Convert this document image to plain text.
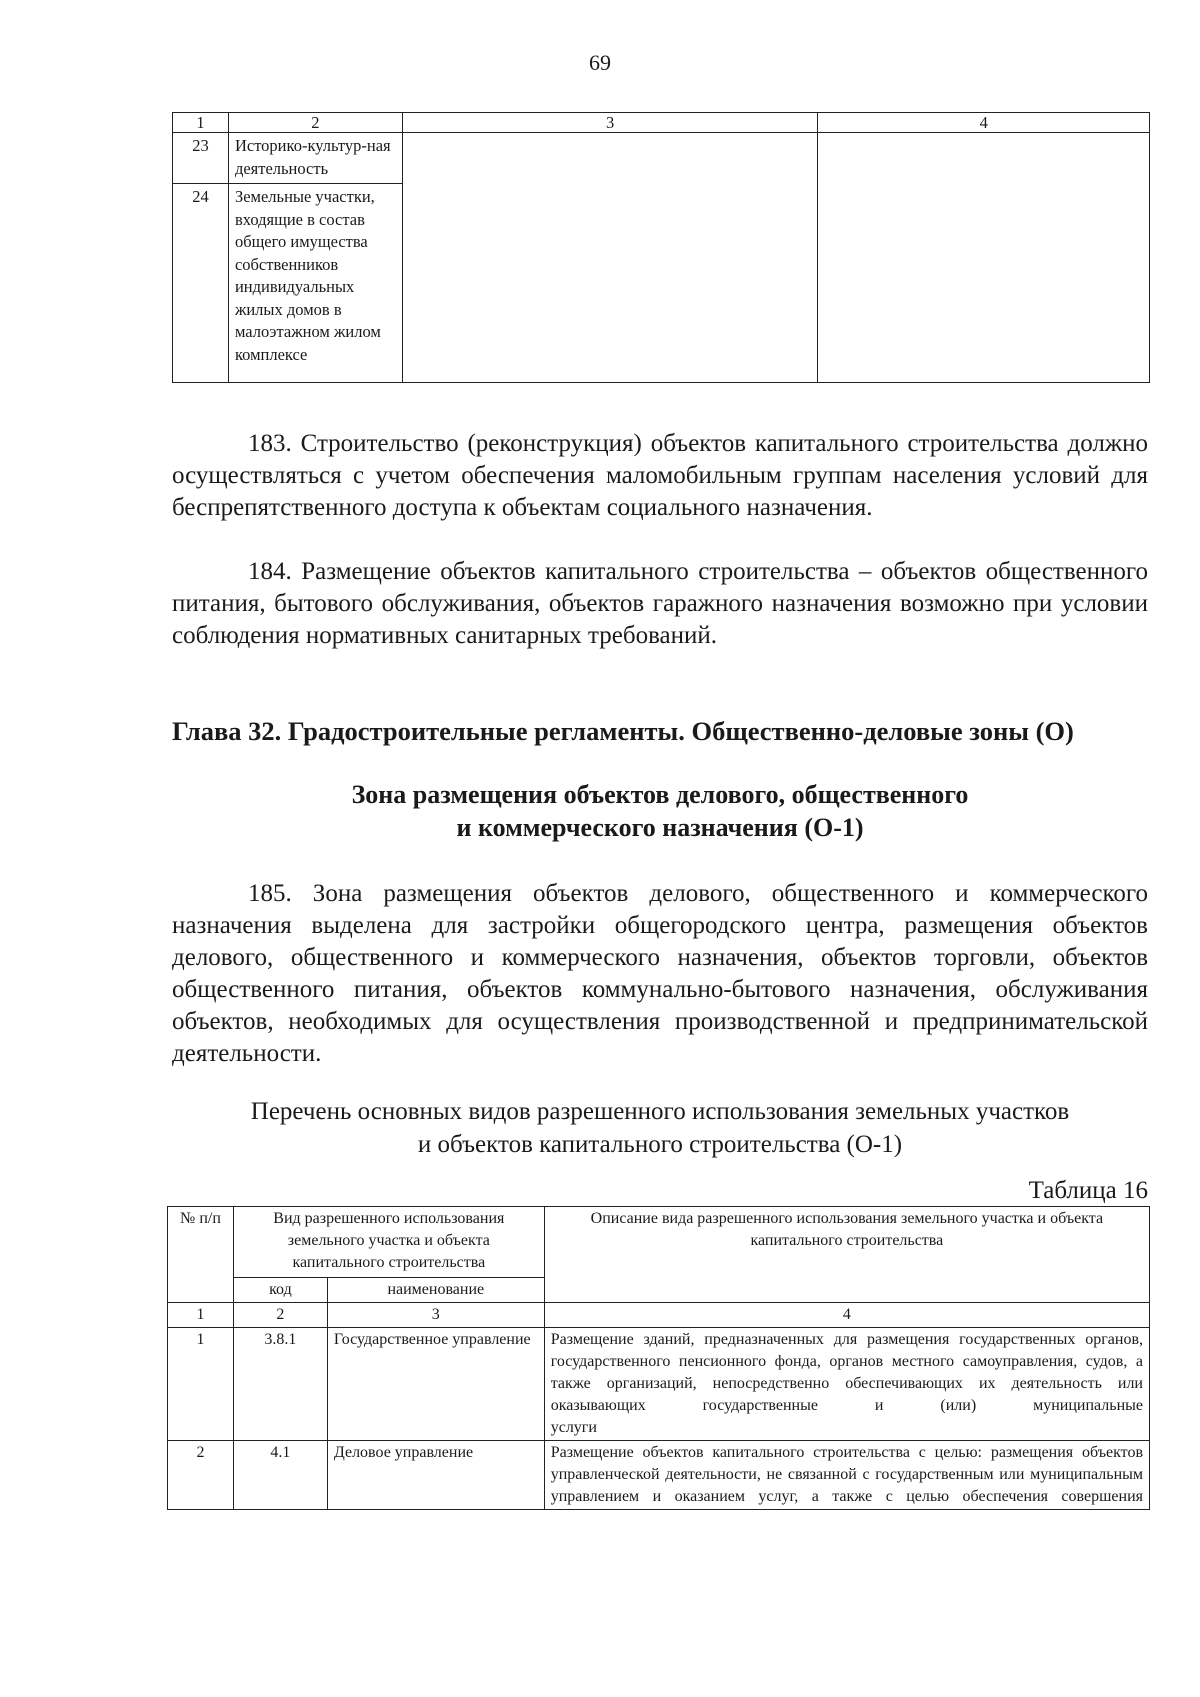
69
1	2	3	4
23	Историко-культур-ная деятельность		
24	Земельные участки, входящие в состав общего имущества собственников индивидуальных жилых домов в малоэтажном жилом комплексе		
183. Строительство (реконструкция) объектов капитального строительства должно осуществляться с учетом обеспечения маломобильным группам населения условий для беспрепятственного доступа к объектам социального назначения.
184. Размещение объектов капитального строительства – объектов общественного питания, бытового обслуживания, объектов гаражного назначения возможно при условии соблюдения нормативных санитарных требований.
Глава 32. Градостроительные регламенты. Общественно-деловые зоны (О)
Зона размещения объектов делового, общественного
и коммерческого назначения (О-1)
185. Зона размещения объектов делового, общественного и коммерческого назначения выделена для застройки общегородского центра, размещения объектов делового, общественного и коммерческого назначения, объектов торговли, объектов общественного питания, объектов коммунально-бытового назначения, обслуживания объектов, необходимых для осуществления производственной и предпринимательской деятельности.
Перечень основных видов разрешенного использования земельных участков
и объектов капитального строительства (О-1)
Таблица 16
№ п/п	Вид разрешенного использования земельного участка и объекта капитального строительства		Описание вида разрешенного использования земельного участка и объекта капитального строительства
	код	наименование	
1	2	3	4
1	3.8.1	Государственное управление	Размещение зданий, предназначенных для размещения государственных органов, государственного пенсионного фонда, органов местного самоуправления, судов, а также организаций, непосредственно обеспечивающих их деятельность или оказывающих государственные и (или) муниципальные
услуги

2	4.1	Деловое управление	Размещение объектов капитального строительства с целью: размещения объектов управленческой деятельности, не связанной с государственным или муниципальным управлением и оказанием услуг, а также с целью обеспечения совершения
